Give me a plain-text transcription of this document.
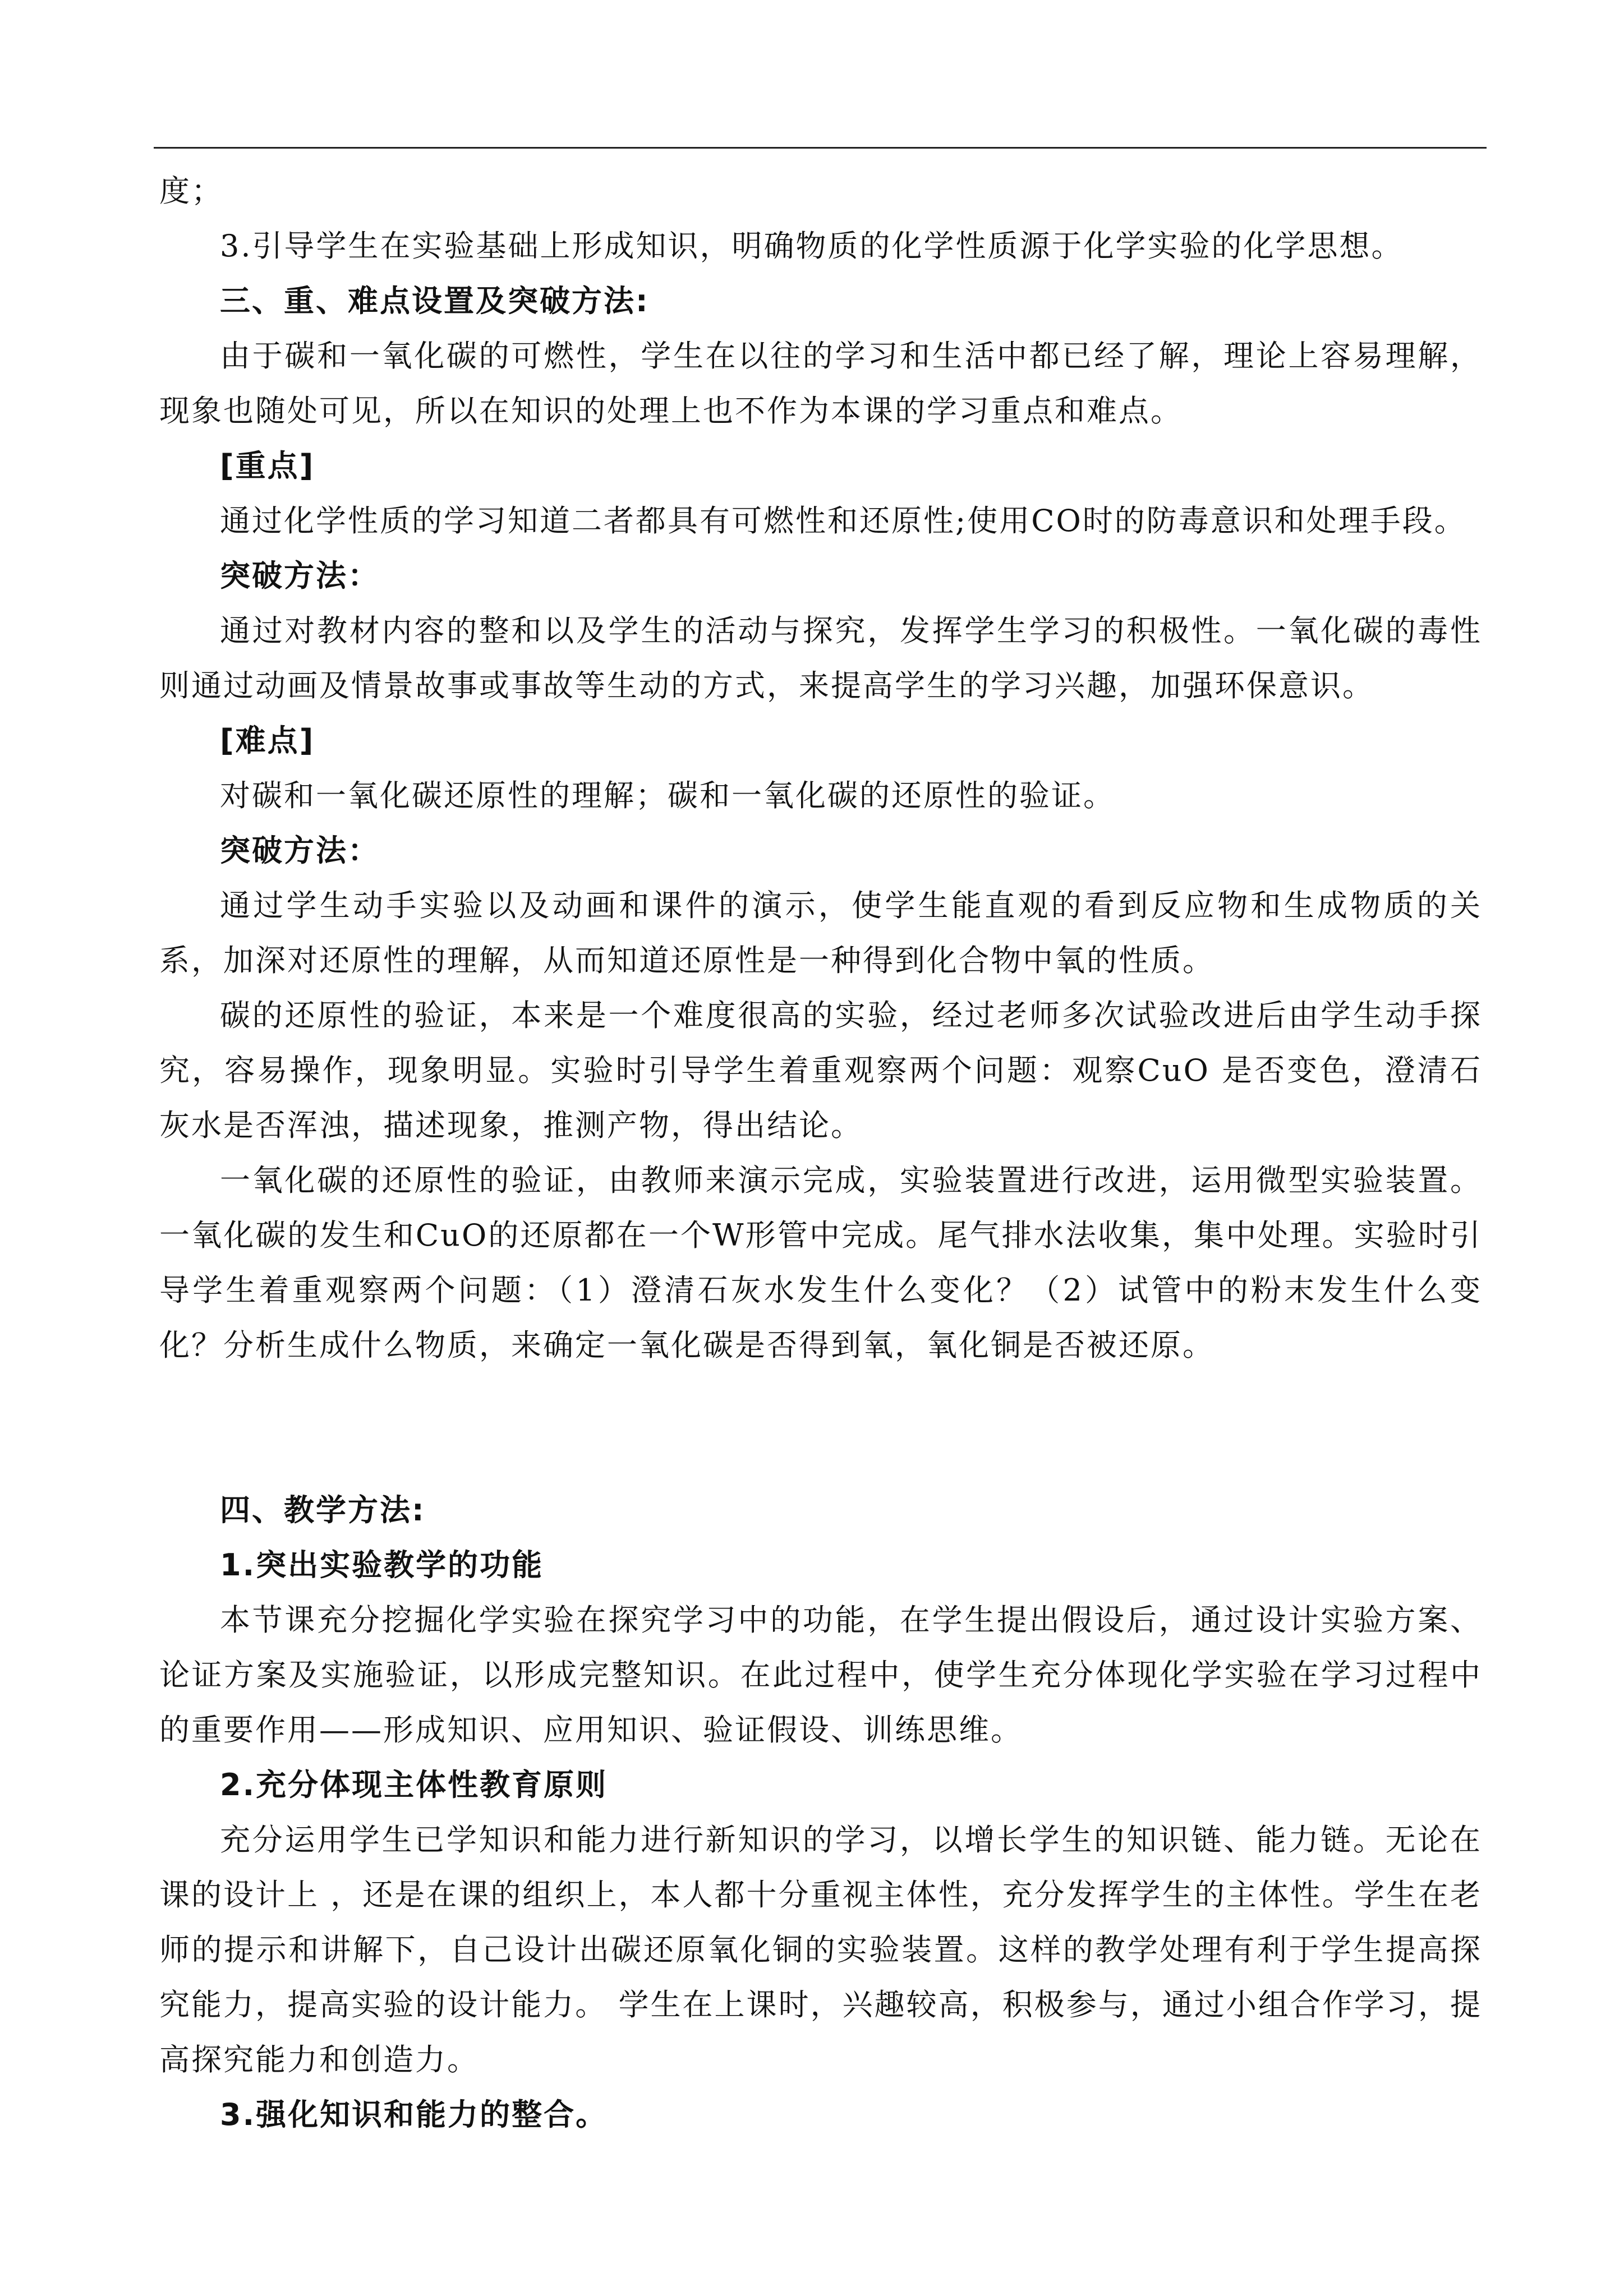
度；

3.引导学生在实验基础上形成知识，明确物质的化学性质源于化学实验的化学思想。

三、重、难点设置及突破方法:

由于碳和一氧化碳的可燃性，学生在以往的学习和生活中都已经了解，理论上容易理解，现象也随处可见，所以在知识的处理上也不作为本课的学习重点和难点。

[重点]

通过化学性质的学习知道二者都具有可燃性和还原性;使用CO时的防毒意识和处理手段。

突破方法：

通过对教材内容的整和以及学生的活动与探究，发挥学生学习的积极性。一氧化碳的毒性则通过动画及情景故事或事故等生动的方式，来提高学生的学习兴趣，加强环保意识。

[难点]

对碳和一氧化碳还原性的理解；碳和一氧化碳的还原性的验证。

突破方法：

通过学生动手实验以及动画和课件的演示，使学生能直观的看到反应物和生成物质的关系，加深对还原性的理解，从而知道还原性是一种得到化合物中氧的性质。

碳的还原性的验证，本来是一个难度很高的实验，经过老师多次试验改进后由学生动手探究，容易操作，现象明显。实验时引导学生着重观察两个问题：观察CuO 是否变色，澄清石灰水是否浑浊，描述现象，推测产物，得出结论。

一氧化碳的还原性的验证，由教师来演示完成，实验装置进行改进，运用微型实验装置。一氧化碳的发生和CuO的还原都在一个W形管中完成。尾气排水法收集，集中处理。实验时引导学生着重观察两个问题：（1）澄清石灰水发生什么变化？（2）试管中的粉末发生什么变化？分析生成什么物质，来确定一氧化碳是否得到氧，氧化铜是否被还原。

四、教学方法:

1.突出实验教学的功能

本节课充分挖掘化学实验在探究学习中的功能，在学生提出假设后，通过设计实验方案、论证方案及实施验证，以形成完整知识。在此过程中，使学生充分体现化学实验在学习过程中的重要作用——形成知识、应用知识、验证假设、训练思维。

2.充分体现主体性教育原则

充分运用学生已学知识和能力进行新知识的学习，以增长学生的知识链、能力链。无论在课的设计上 ，还是在课的组织上，本人都十分重视主体性，充分发挥学生的主体性。学生在老师的提示和讲解下，自己设计出碳还原氧化铜的实验装置。这样的教学处理有利于学生提高探究能力，提高实验的设计能力。 学生在上课时，兴趣较高，积极参与，通过小组合作学习，提高探究能力和创造力。

3.强化知识和能力的整合。
